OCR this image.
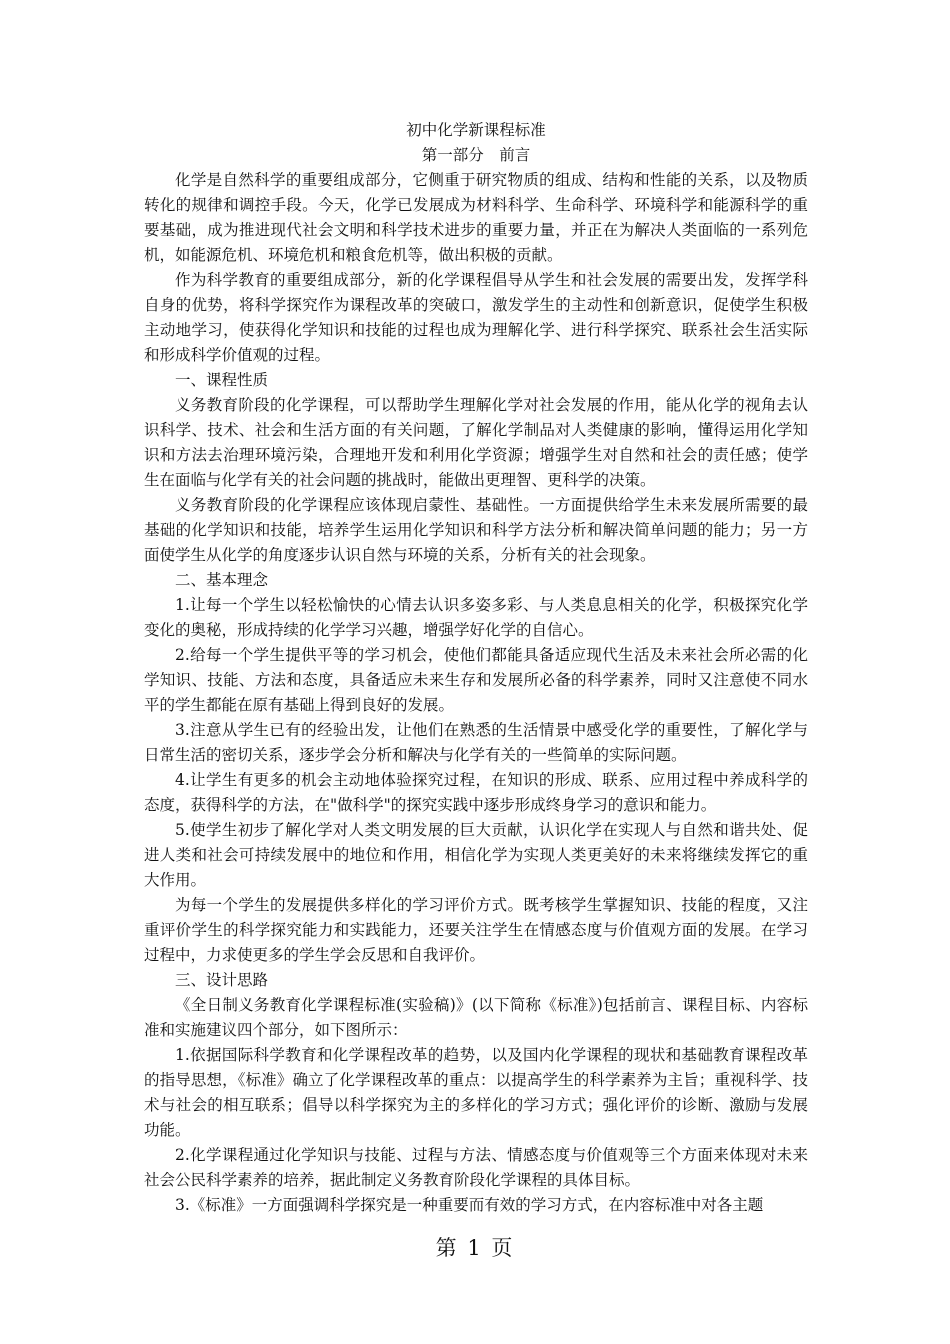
初中化学新课程标准
第一部分　前言

化学是自然科学的重要组成部分，它侧重于研究物质的组成、结构和性能的关系，以及物质转化的规律和调控手段。今天，化学已发展成为材料科学、生命科学、环境科学和能源科学的重要基础，成为推进现代社会文明和科学技术进步的重要力量，并正在为解决人类面临的一系列危机，如能源危机、环境危机和粮食危机等，做出积极的贡献。

作为科学教育的重要组成部分，新的化学课程倡导从学生和社会发展的需要出发，发挥学科自身的优势，将科学探究作为课程改革的突破口，激发学生的主动性和创新意识，促使学生积极主动地学习，使获得化学知识和技能的过程也成为理解化学、进行科学探究、联系社会生活实际和形成科学价值观的过程。

一、课程性质

义务教育阶段的化学课程，可以帮助学生理解化学对社会发展的作用，能从化学的视角去认识科学、技术、社会和生活方面的有关问题，了解化学制品对人类健康的影响，懂得运用化学知识和方法去治理环境污染，合理地开发和利用化学资源；增强学生对自然和社会的责任感；使学生在面临与化学有关的社会问题的挑战时，能做出更理智、更科学的决策。

义务教育阶段的化学课程应该体现启蒙性、基础性。一方面提供给学生未来发展所需要的最基础的化学知识和技能，培养学生运用化学知识和科学方法分析和解决简单问题的能力；另一方面使学生从化学的角度逐步认识自然与环境的关系，分析有关的社会现象。

二、基本理念

1.让每一个学生以轻松愉快的心情去认识多姿多彩、与人类息息相关的化学，积极探究化学变化的奥秘，形成持续的化学学习兴趣，增强学好化学的自信心。

2.给每一个学生提供平等的学习机会，使他们都能具备适应现代生活及未来社会所必需的化学知识、技能、方法和态度，具备适应未来生存和发展所必备的科学素养，同时又注意使不同水平的学生都能在原有基础上得到良好的发展。

3.注意从学生已有的经验出发，让他们在熟悉的生活情景中感受化学的重要性，了解化学与日常生活的密切关系，逐步学会分析和解决与化学有关的一些简单的实际问题。

4.让学生有更多的机会主动地体验探究过程，在知识的形成、联系、应用过程中养成科学的态度，获得科学的方法，在"做科学"的探究实践中逐步形成终身学习的意识和能力。

5.使学生初步了解化学对人类文明发展的巨大贡献，认识化学在实现人与自然和谐共处、促进人类和社会可持续发展中的地位和作用，相信化学为实现人类更美好的未来将继续发挥它的重大作用。

为每一个学生的发展提供多样化的学习评价方式。既考核学生掌握知识、技能的程度，又注重评价学生的科学探究能力和实践能力，还要关注学生在情感态度与价值观方面的发展。在学习过程中，力求使更多的学生学会反思和自我评价。

三、设计思路

《全日制义务教育化学课程标准(实验稿)》(以下简称《标准》)包括前言、课程目标、内容标准和实施建议四个部分，如下图所示：

1.依据国际科学教育和化学课程改革的趋势，以及国内化学课程的现状和基础教育课程改革的指导思想，《标准》确立了化学课程改革的重点：以提高学生的科学素养为主旨；重视科学、技术与社会的相互联系；倡导以科学探究为主的多样化的学习方式；强化评价的诊断、激励与发展功能。

2.化学课程通过化学知识与技能、过程与方法、情感态度与价值观等三个方面来体现对未来社会公民科学素养的培养，据此制定义务教育阶段化学课程的具体目标。

3.《标准》一方面强调科学探究是一种重要而有效的学习方式，在内容标准中对各主题

第 1 页
